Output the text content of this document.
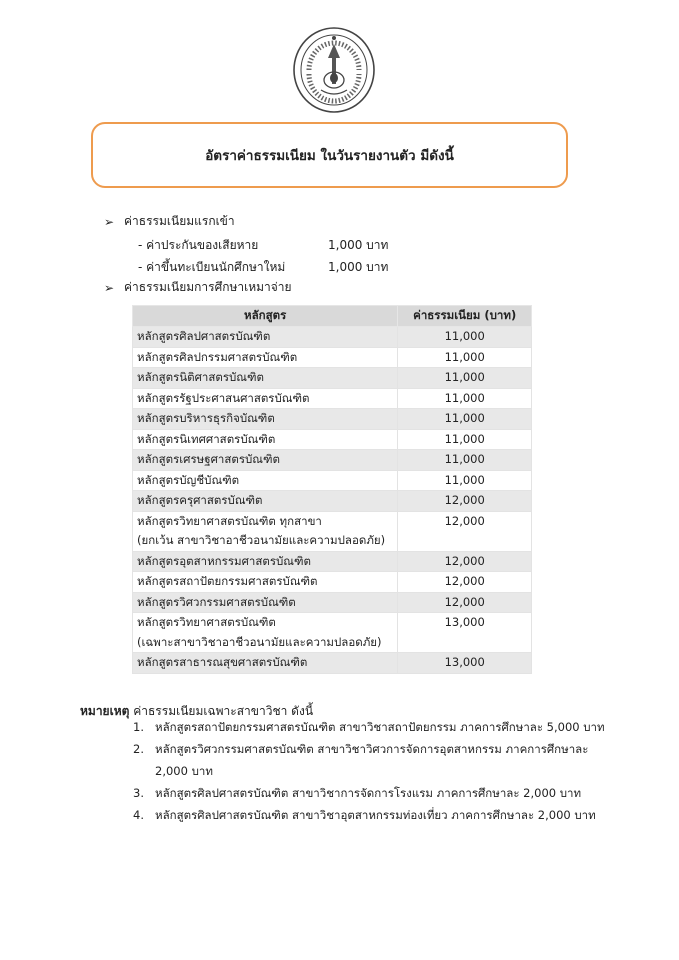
อัตราค่าธรรมเนียม ในวันรายงานตัว มีดังนี้
➢ ค่าธรรมเนียมแรกเข้า
- ค่าประกันของเสียหาย	1,000 บาท
- ค่าขึ้นทะเบียนนักศึกษาใหม่	1,000 บาท
➢ ค่าธรรมเนียมการศึกษาเหมาจ่าย
หลักสูตร	ค่าธรรมเนียม (บาท)
หลักสูตรศิลปศาสตรบัณฑิต	11,000
หลักสูตรศิลปกรรมศาสตรบัณฑิต	11,000
หลักสูตรนิติศาสตรบัณฑิต	11,000
หลักสูตรรัฐประศาสนศาสตรบัณฑิต	11,000
หลักสูตรบริหารธุรกิจบัณฑิต	11,000
หลักสูตรนิเทศศาสตรบัณฑิต	11,000
หลักสูตรเศรษฐศาสตรบัณฑิต	11,000
หลักสูตรบัญชีบัณฑิต	11,000
หลักสูตรครุศาสตรบัณฑิต	12,000
หลักสูตรวิทยาศาสตรบัณฑิต ทุกสาขา
(ยกเว้น สาขาวิชาอาชีวอนามัยและความปลอดภัย)	12,000
หลักสูตรอุตสาหกรรมศาสตรบัณฑิต	12,000
หลักสูตรสถาปัตยกรรมศาสตรบัณฑิต	12,000
หลักสูตรวิศวกรรมศาสตรบัณฑิต	12,000
หลักสูตรวิทยาศาสตรบัณฑิต
(เฉพาะสาขาวิชาอาชีวอนามัยและความปลอดภัย)	13,000
หลักสูตรสาธารณสุขศาสตรบัณฑิต	13,000
หมายเหตุ ค่าธรรมเนียมเฉพาะสาขาวิชา ดังนี้
1. หลักสูตรสถาปัตยกรรมศาสตรบัณฑิต สาขาวิชาสถาปัตยกรรม ภาคการศึกษาละ 5,000 บาท
2. หลักสูตรวิศวกรรมศาสตรบัณฑิต สาขาวิชาวิศวการจัดการอุตสาหกรรม ภาคการศึกษาละ 2,000 บาท
3. หลักสูตรศิลปศาสตรบัณฑิต สาขาวิชาการจัดการโรงแรม ภาคการศึกษาละ 2,000 บาท
4. หลักสูตรศิลปศาสตรบัณฑิต สาขาวิชาอุตสาหกรรมท่องเที่ยว ภาคการศึกษาละ 2,000 บาท
